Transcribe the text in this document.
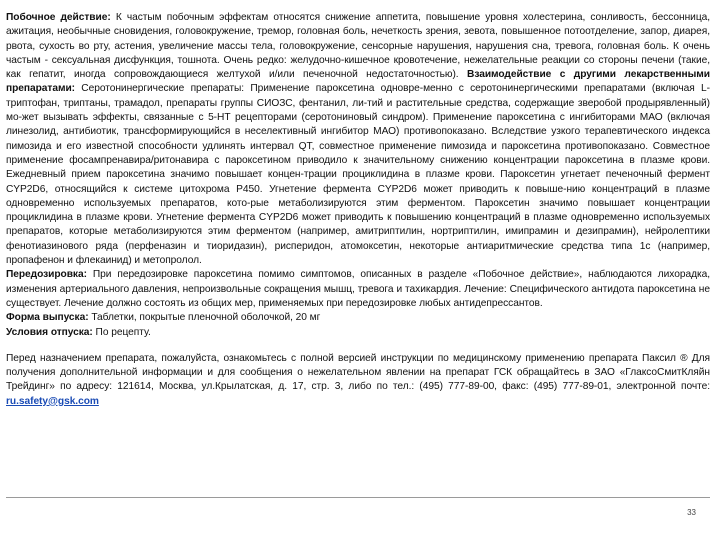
Побочное действие: К частым побочным эффектам относятся снижение аппетита, повышение уровня холестерина, сонливость, бессонница, ажитация, необычные сновидения, головокружение, тремор, головная боль, нечеткость зрения, зевота, повышенное потоотделение, запор, диарея, рвота, сухость во рту, астения, увеличение массы тела, головокружение, сенсорные нарушения, нарушения сна, тревога, головная боль. К очень частым - сексуальная дисфункция, тошнота. Очень редко: желудочно-кишечное кровотечение, нежелательные реакции со стороны печени (такие, как гепатит, иногда сопровождающиеся желтухой и/или печеночной недостаточностью). Взаимодействие с другими лекарственными препаратами: Серотонинергические препараты: Применение пароксетина одновре-менно с серотонинергическими препаратами (включая L-триптофан, триптаны, трамадол, препараты группы СИОЗС, фентанил, ли-тий и растительные средства, содержащие зверобой продырявленный) мо-жет вызывать эффекты, связанные с 5-НТ рецепторами (серотониновый синдром). Применение пароксетина с ингибиторами МАО (включая линезолид, антибиотик, трансформирующийся в неселективный ингибитор МАО) противопоказано. Вследствие узкого терапевтического индекса пимозида и его известной способности удлинять интервал QT, совместное применение пимозида и пароксетина противопоказано. Совместное применение фосампренавира/ритонавира с пароксетином приводило к значительному снижению концентрации пароксетина в плазме крови. Ежедневный прием пароксетина значимо повышает концен-трации проциклидина в плазме крови. Пароксетин угнетает печеночный фермент CYP2D6, относящийся к системе цитохрома Р450. Угнетение фермента CYP2D6 может приводить к повыше-нию концентраций в плазме одновременно используемых препаратов, кото-рые метаболизируются этим ферментом. Пароксетин значимо повышает концентрации проциклидина в плазме крови. Угнетение фермента CYP2D6 может приводить к повышению концентраций в плазме одновременно используемых препаратов, которые метаболизируются этим ферментом (например, амитриптилин, нортриптилин, имипрамин и дезипрамин), нейролептики фенотиазинового ряда (перфеназин и тиоридазин), рисперидон, атомоксетин, некоторые антиаритмические средства типа 1с (например, пропафенон и флекаинид) и метопролол.

Передозировка: При передозировке пароксетина помимо симптомов, описанных в разделе «Побочное действие», наблюдаются лихорадка, изменения артериального давления, непроизвольные сокращения мышц, тревога и тахикардия. Лечение: Специфического антидота пароксетина не существует. Лечение должно состоять из общих мер, применяемых при передозировке любых антидепрессантов.

Форма выпуска: Таблетки, покрытые пленочной оболочкой, 20 мг

Условия отпуска: По рецепту.

Перед назначением препарата, пожалуйста, ознакомьтесь с полной версией инструкции по медицинскому применению препарата Паксил ® Для получения дополнительной информации и для сообщения о нежелательном явлении на препарат ГСК обращайтесь в ЗАО «ГлаксоСмитКляйн Трейдинг» по адресу: 121614, Москва, ул.Крылатская, д. 17, стр. 3, либо по тел.: (495) 777-89-00, факс: (495) 777-89-01, электронной почте: ru.safety@gsk.com

33
